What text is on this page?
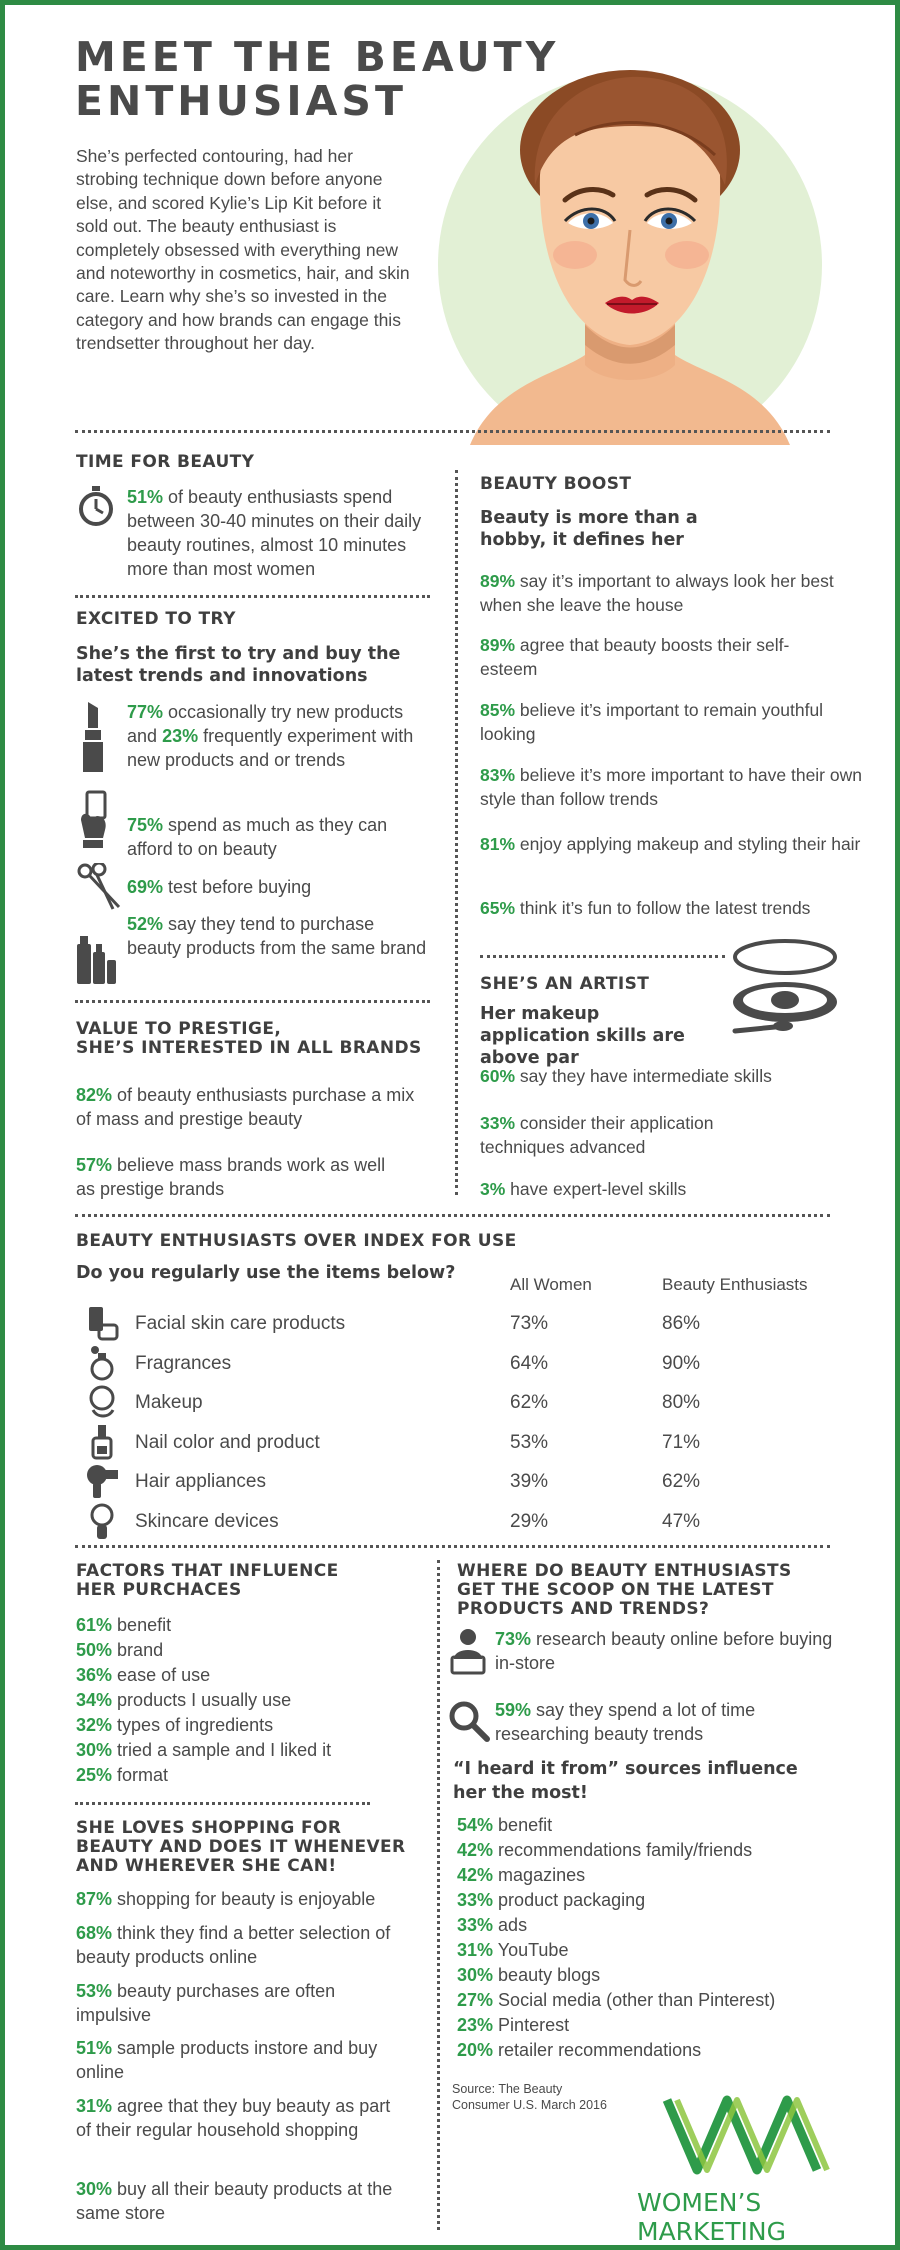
MEET THE BEAUTY
ENTHUSIAST
She’s perfected contouring, had her strobing technique down before anyone else, and scored Kylie’s Lip Kit before it sold out. The beauty enthusiast is completely obsessed with everything new and noteworthy in cosmetics, hair, and skin care. Learn why she’s so invested in the category and how brands can engage this trendsetter throughout her day.
TIME FOR BEAUTY
51% of beauty enthusiasts spend between 30-40 minutes on their daily beauty routines, almost 10 minutes more than most women
EXCITED TO TRY
She’s the first to try and buy the latest trends and innovations
77% occasionally try new products and 23% frequently experiment with new products and or trends
75% spend as much as they can afford to on beauty
69% test before buying
52% say they tend to purchase beauty products from the same brand
VALUE TO PRESTIGE,
SHE’S INTERESTED IN ALL BRANDS
82% of beauty enthusiasts purchase a mix of mass and prestige beauty
57% believe mass brands work as well as prestige brands
BEAUTY BOOST
Beauty is more than a hobby, it defines her
89% say it’s important to always look her best when she leave the house
89% agree that beauty boosts their self-esteem
85% believe it’s important to remain youthful looking
83% believe it’s more important to have their own style than follow trends
81% enjoy applying makeup and styling their hair
65% think it’s fun to follow the latest trends
SHE’S AN ARTIST
Her makeup application skills are above par
60% say they have intermediate skills
33% consider their application techniques advanced
3% have expert-level skills
BEAUTY ENTHUSIASTS OVER INDEX FOR USE
Do you regularly use the items below?
All Women	Beauty Enthusiasts
Facial skin care products	73%	86%
Fragrances	64%	90%
Makeup	62%	80%
Nail color and product	53%	71%
Hair appliances	39%	62%
Skincare devices	29%	47%
FACTORS THAT INFLUENCE
HER PURCHACES
61% benefit
50% brand
36% ease of use
34% products I usually use
32% types of ingredients
30% tried a sample and I liked it
25% format
SHE LOVES SHOPPING FOR
BEAUTY AND DOES IT WHENEVER
AND WHEREVER SHE CAN!
87% shopping for beauty is enjoyable
68% think they find a better selection of beauty products online
53% beauty purchases are often impulsive
51% sample products instore and buy online
31% agree that they buy beauty as part of their regular household shopping
30% buy all their beauty products at the same store
WHERE DO BEAUTY ENTHUSIASTS
GET THE SCOOP ON THE LATEST
PRODUCTS AND TRENDS?
73% research beauty online before buying in-store
59% say they spend a lot of time researching beauty trends
“I heard it from” sources influence her the most!
54% benefit
42% recommendations family/friends
42% magazines
33% product packaging
33% ads
31% YouTube
30% beauty blogs
27% Social media (other than Pinterest)
23% Pinterest
20% retailer recommendations
Source: The Beauty
Consumer U.S. March 2016
WOMEN’S MARKETING
